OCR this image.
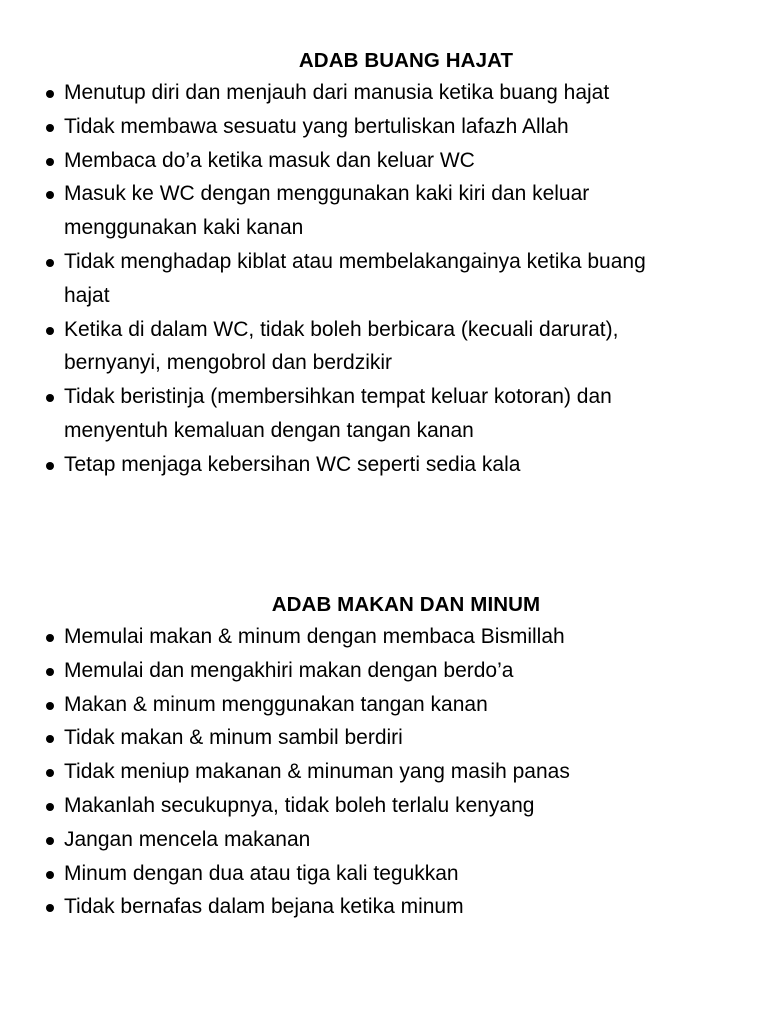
ADAB BUANG HAJAT
Menutup diri dan menjauh dari manusia ketika buang hajat
Tidak membawa sesuatu yang bertuliskan lafazh Allah
Membaca do’a ketika masuk dan keluar WC
Masuk ke WC dengan menggunakan kaki kiri dan keluar
menggunakan kaki kanan
Tidak menghadap kiblat atau membelakangainya ketika buang
hajat
Ketika di dalam WC, tidak boleh berbicara (kecuali darurat),
bernyanyi, mengobrol dan berdzikir
Tidak beristinja (membersihkan tempat keluar kotoran) dan
menyentuh kemaluan dengan tangan kanan
Tetap menjaga kebersihan WC seperti sedia kala
ADAB MAKAN DAN MINUM
Memulai makan & minum dengan membaca Bismillah
Memulai dan mengakhiri makan dengan berdo’a
Makan & minum menggunakan tangan kanan
Tidak makan & minum sambil berdiri
Tidak meniup makanan & minuman yang masih panas
Makanlah secukupnya, tidak boleh terlalu kenyang
Jangan mencela makanan
Minum dengan dua atau tiga kali tegukkan
Tidak bernafas dalam bejana ketika minum
